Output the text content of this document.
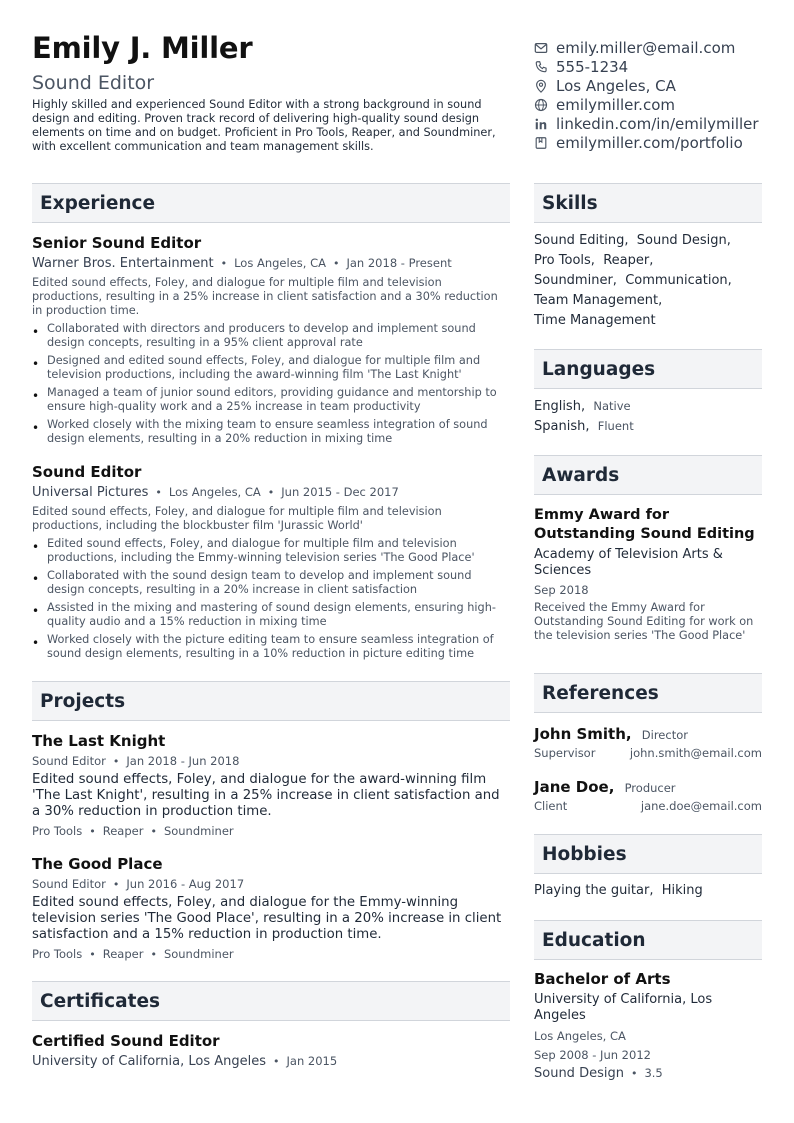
Emily J. Miller
Sound Editor
Highly skilled and experienced Sound Editor with a strong background in sound design and editing. Proven track record of delivering high-quality sound design elements on time and on budget. Proficient in Pro Tools, Reaper, and Soundminer, with excellent communication and team management skills.
Experience
Senior Sound Editor
Warner Bros. Entertainment • Los Angeles, CA • Jan 2018 - Present
Edited sound effects, Foley, and dialogue for multiple film and television productions, resulting in a 25% increase in client satisfaction and a 30% reduction in production time.
• Collaborated with directors and producers to develop and implement sound design concepts, resulting in a 95% client approval rate
• Designed and edited sound effects, Foley, and dialogue for multiple film and television productions, including the award-winning film 'The Last Knight'
• Managed a team of junior sound editors, providing guidance and mentorship to ensure high-quality work and a 25% increase in team productivity
• Worked closely with the mixing team to ensure seamless integration of sound design elements, resulting in a 20% reduction in mixing time
Sound Editor
Universal Pictures • Los Angeles, CA • Jun 2015 - Dec 2017
Edited sound effects, Foley, and dialogue for multiple film and television productions, including the blockbuster film 'Jurassic World'
• Edited sound effects, Foley, and dialogue for multiple film and television productions, including the Emmy-winning television series 'The Good Place'
• Collaborated with the sound design team to develop and implement sound design concepts, resulting in a 20% increase in client satisfaction
• Assisted in the mixing and mastering of sound design elements, ensuring high-quality audio and a 15% reduction in mixing time
• Worked closely with the picture editing team to ensure seamless integration of sound design elements, resulting in a 10% reduction in picture editing time
Projects
The Last Knight
Sound Editor • Jan 2018 - Jun 2018
Edited sound effects, Foley, and dialogue for the award-winning film 'The Last Knight', resulting in a 25% increase in client satisfaction and a 30% reduction in production time.
Pro Tools • Reaper • Soundminer
The Good Place
Sound Editor • Jun 2016 - Aug 2017
Edited sound effects, Foley, and dialogue for the Emmy-winning television series 'The Good Place', resulting in a 20% increase in client satisfaction and a 15% reduction in production time.
Pro Tools • Reaper • Soundminer
Certificates
Certified Sound Editor
University of California, Los Angeles • Jan 2015
emily.miller@email.com
555-1234
Los Angeles, CA
emilymiller.com
linkedin.com/in/emilymiller
emilymiller.com/portfolio
Skills
Sound Editing, Sound Design,
Pro Tools, Reaper,
Soundminer, Communication,
Team Management,
Time Management
Languages
English, Native
Spanish, Fluent
Awards
Emmy Award for Outstanding Sound Editing
Academy of Television Arts & Sciences
Sep 2018
Received the Emmy Award for Outstanding Sound Editing for work on the television series 'The Good Place'
References
John Smith, Director
Supervisor	john.smith@email.com
Jane Doe, Producer
Client	jane.doe@email.com
Hobbies
Playing the guitar, Hiking
Education
Bachelor of Arts
University of California, Los Angeles
Los Angeles, CA
Sep 2008 - Jun 2012
Sound Design • 3.5
